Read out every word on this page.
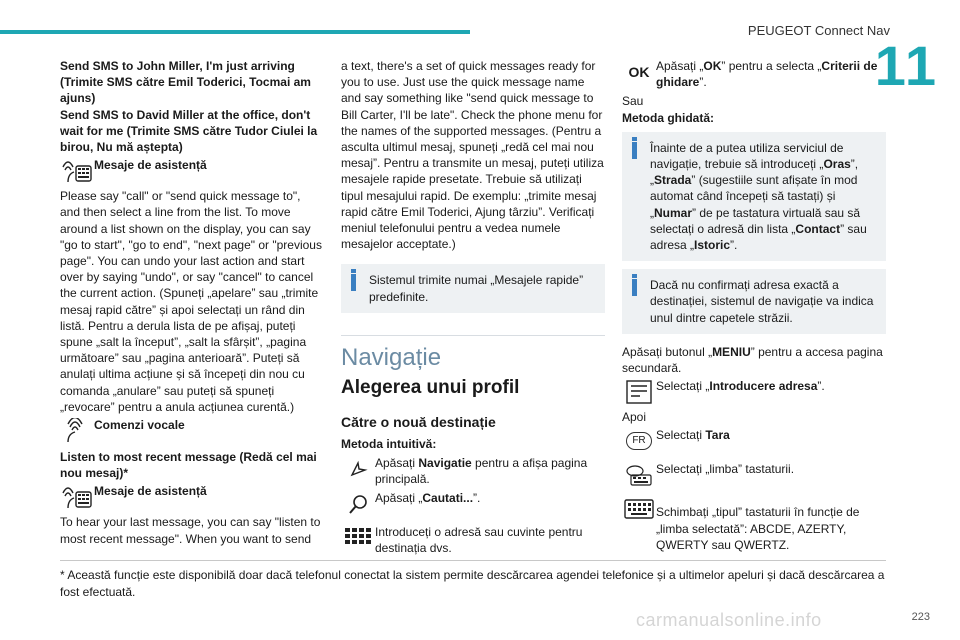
PEUGEOT Connect Nav
11

Send SMS to John Miller, I'm just arriving (Trimite SMS către Emil Toderici, Tocmai am ajuns)

Send SMS to David Miller at the office, don't wait for me (Trimite SMS către Tudor Ciulei la birou, Nu mă aștepta)

Mesaje de asistență

Please say "call" or "send quick message to", and then select a line from the list. To move around a list shown on the display, you can say "go to start", "go to end", "next page" or "previous page". You can undo your last action and start over by saying "undo", or say "cancel" to cancel the current action. (Spuneți „apelare” sau „trimite mesaj rapid către” și apoi selectați un rând din listă. Pentru a derula lista de pe afișaj, puteți spune „salt la început”, „salt la sfârșit”, „pagina următoare” sau „pagina anterioară”. Puteți să anulați ultima acțiune și să începeți din nou cu comanda „anulare” sau puteți să spuneți „revocare” pentru a anula acțiunea curentă.)

Comenzi vocale

Listen to most recent message (Redă cel mai nou mesaj)*

Mesaje de asistență

To hear your last message, you can say "listen to most recent message". When you want to send

a text, there's a set of quick messages ready for you to use. Just use the quick message name and say something like "send quick message to Bill Carter, I'll be late". Check the phone menu for the names of the supported messages. (Pentru a asculta ultimul mesaj, spuneți „redă cel mai nou mesaj”. Pentru a transmite un mesaj, puteți utiliza mesajele rapide presetate. Trebuie să utilizați tipul mesajului rapid. De exemplu: „trimite mesaj rapid către Emil Toderici, Ajung târziu”. Verificați meniul telefonului pentru a vedea numele mesajelor acceptate.)

Sistemul trimite numai „Mesajele rapide” predefinite.
Navigație
Alegerea unui profil
Către o nouă destinație

Metoda intuitivă:

Apăsați Navigatie pentru a afișa pagina principală.
Apăsați „Cautati...”.
Introduceți o adresă sau cuvinte pentru destinația dvs.
OK Apăsați „OK” pentru a selecta „Criterii de ghidare”.

Sau

Metoda ghidată:

Înainte de a putea utiliza serviciul de navigație, trebuie să introduceți „Oras”, „Strada” (sugestiile sunt afișate în mod automat când începeți să tastați) și „Numar” de pe tastatura virtuală sau să selectați o adresă din lista „Contact” sau adresa „Istoric”.
Dacă nu confirmați adresa exactă a destinației, sistemul de navigație va indica unul dintre capetele străzii.

Apăsați butonul „MENIU” pentru a accesa pagina secundară.

Selectați „Introducere adresa”.

Apoi

FR Selectați Tara
Selectați „limba” tastaturii.

Schimbați „tipul” tastaturii în funcție de „limba selectată”: ABCDE, AZERTY, QWERTY sau QWERTZ.

* Această funcție este disponibilă doar dacă telefonul conectat la sistem permite descărcarea agendei telefonice și a ultimelor apeluri și dacă descărcarea a fost efectuată.
carmanualsonline.info	223
